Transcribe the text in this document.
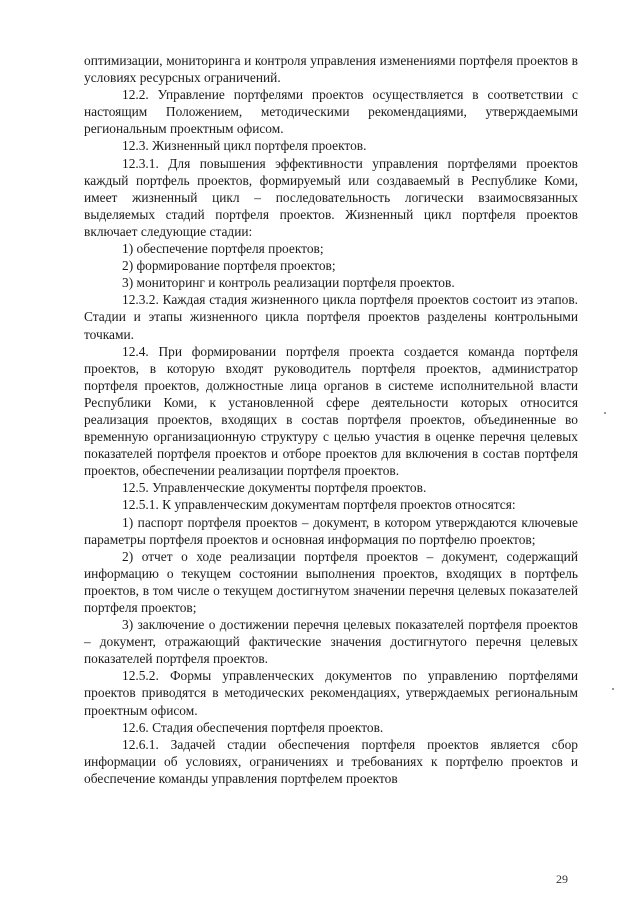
оптимизации, мониторинга и контроля управления изменениями портфеля проектов в условиях ресурсных ограничений.

12.2. Управление портфелями проектов осуществляется в соответствии с настоящим Положением, методическими рекомендациями, утверждаемыми региональным проектным офисом.

12.3. Жизненный цикл портфеля проектов.

12.3.1. Для повышения эффективности управления портфелями проектов каждый портфель проектов, формируемый или создаваемый в Республике Коми, имеет жизненный цикл – последовательность логически взаимосвязанных выделяемых стадий портфеля проектов. Жизненный цикл портфеля проектов включает следующие стадии:

1) обеспечение портфеля проектов;

2) формирование портфеля проектов;

3) мониторинг и контроль реализации портфеля проектов.

12.3.2. Каждая стадия жизненного цикла портфеля проектов состоит из этапов. Стадии и этапы жизненного цикла портфеля проектов разделены контрольными точками.

12.4. При формировании портфеля проекта создается команда портфеля проектов, в которую входят руководитель портфеля проектов, администратор портфеля проектов, должностные лица органов в системе исполнительной власти Республики Коми, к установленной сфере деятельности которых относится реализация проектов, входящих в состав портфеля проектов, объединенные во временную организационную структуру с целью участия в оценке перечня целевых показателей портфеля проектов и отборе проектов для включения в состав портфеля проектов, обеспечении реализации портфеля проектов.

12.5. Управленческие документы портфеля проектов.

12.5.1. К управленческим документам портфеля проектов относятся:

1) паспорт портфеля проектов – документ, в котором утверждаются ключевые параметры портфеля проектов и основная информация по портфелю проектов;

2) отчет о ходе реализации портфеля проектов – документ, содержащий информацию о текущем состоянии выполнения проектов, входящих в портфель проектов, в том числе о текущем достигнутом значении перечня целевых показателей портфеля проектов;

3) заключение о достижении перечня целевых показателей портфеля проектов – документ, отражающий фактические значения достигнутого перечня целевых показателей портфеля проектов.

12.5.2. Формы управленческих документов по управлению портфелями проектов приводятся в методических рекомендациях, утверждаемых региональным проектным офисом.

12.6. Стадия обеспечения портфеля проектов.

12.6.1. Задачей стадии обеспечения портфеля проектов является сбор информации об условиях, ограничениях и требованиях к портфелю проектов и обеспечение команды управления портфелем проектов

29
